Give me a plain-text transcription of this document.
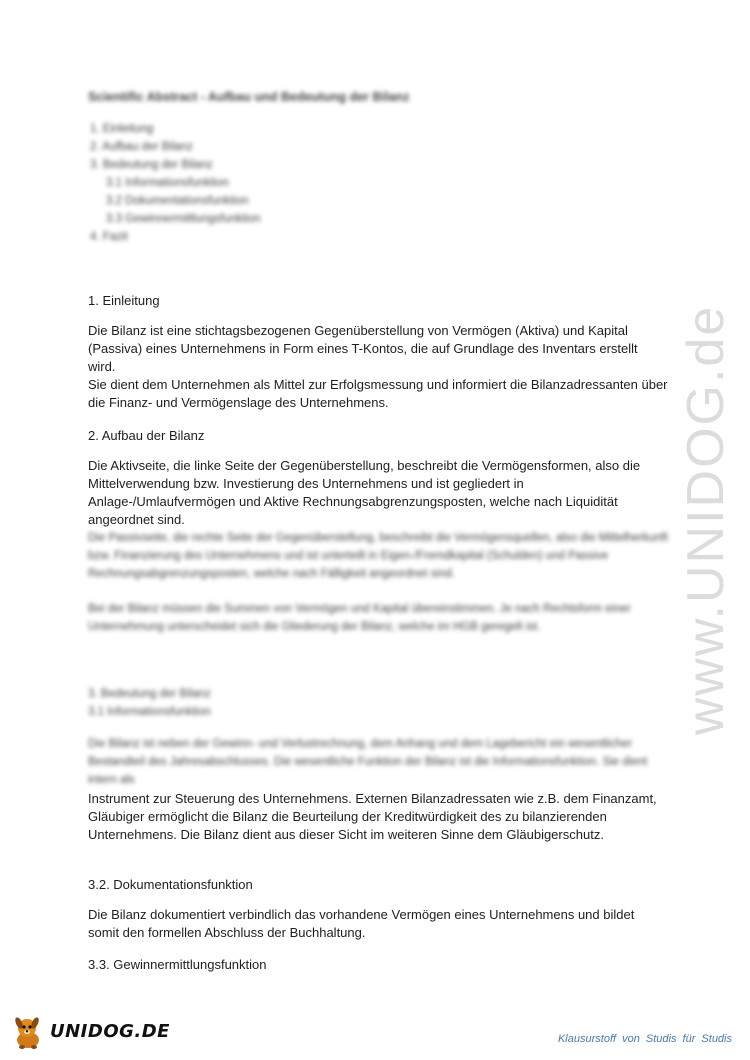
www.UNIDOG.de
Scientific Abstract - Aufbau und Bedeutung der Bilanz
1. Einleitung
2. Aufbau der Bilanz
3. Bedeutung der Bilanz
3.1 Informationsfunktion
3.2 Dokumentationsfunktion
3.3 Gewinnermittlungsfunktion
4. Fazit
1. Einleitung
Die Bilanz ist eine stichtagsbezogenen Gegenüberstellung von Vermögen (Aktiva) und Kapital (Passiva) eines Unternehmens in Form eines T-Kontos, die auf Grundlage des Inventars erstellt wird.
Sie dient dem Unternehmen als Mittel zur Erfolgsmessung und informiert die Bilanzadressanten über die Finanz- und Vermögenslage des Unternehmens.
2. Aufbau der Bilanz
Die Aktivseite, die linke Seite der Gegenüberstellung, beschreibt die Vermögensformen, also die Mittelverwendung bzw. Investierung des Unternehmens und ist gegliedert in Anlage-/Umlaufvermögen und Aktive Rechnungsabgrenzungsposten, welche nach Liquidität angeordnet sind.
Die Passivseite, die rechte Seite der Gegenüberstellung, beschreibt die Vermögensquellen, also die Mittelherkunft bzw. Finanzierung des Unternehmens und ist unterteilt in Eigen-/Fremdkapital (Schulden) und Passive Rechnungsabgrenzungsposten, welche nach Fälligkeit angeordnet sind.
Bei der Bilanz müssen die Summen von Vermögen und Kapital übereinstimmen. Je nach Rechtsform einer Unternehmung unterscheidet sich die Gliederung der Bilanz, welche im HGB geregelt ist.
3. Bedeutung der Bilanz
3.1 Informationsfunktion
Die Bilanz ist neben der Gewinn- und Verlustrechnung, dem Anhang und dem Lagebericht ein wesentlicher Bestandteil des Jahresabschlusses. Die wesentliche Funktion der Bilanz ist die Informationsfunktion. Sie dient intern als
Instrument zur Steuerung des Unternehmens. Externen Bilanzadressaten wie z.B. dem Finanzamt, Gläubiger ermöglicht die Bilanz die Beurteilung der Kreditwürdigkeit des zu bilanzierenden Unternehmens. Die Bilanz dient aus dieser Sicht im weiteren Sinne dem Gläubigerschutz.
3.2. Dokumentationsfunktion
Die Bilanz dokumentiert verbindlich das vorhandene Vermögen eines Unternehmens und bildet somit den formellen Abschluss der Buchhaltung.
3.3. Gewinnermittlungsfunktion
UNIDOG.DE	Klausurstoff von Studis für Studis
